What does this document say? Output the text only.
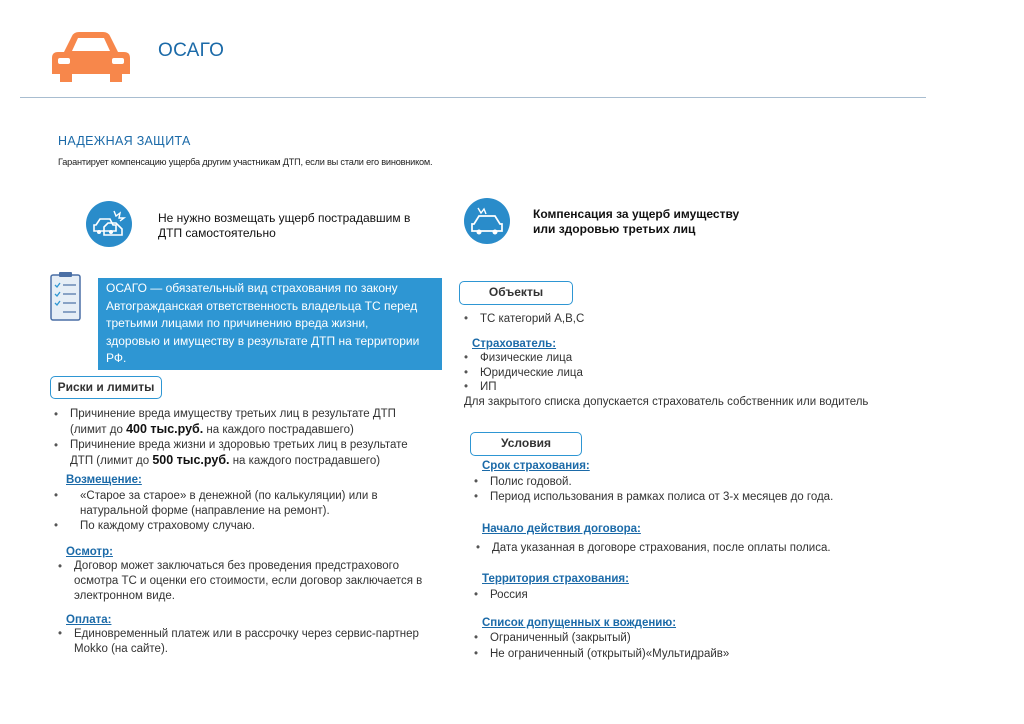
ОСАГО
НАДЕЖНАЯ ЗАЩИТА
Гарантирует компенсацию ущерба другим участникам ДТП, если вы стали его виновником.
Не нужно возмещать ущерб пострадавшим в
ДТП самостоятельно
Компенсация за ущерб имуществу
или здоровью третьих лиц
ОСАГО — обязательный вид страхования по закону
Автогражданская ответственность владельца ТС перед
третьими лицами по причинению вреда жизни,
здоровью и имуществу в результате ДТП на территории
РФ.
Риски и лимиты
• Причинение вреда имуществу третьих лиц в результате ДТП
(лимит до 400 тыс.руб. на каждого пострадавшего)
• Причинение вреда жизни и здоровью третьих лиц в результате
ДТП (лимит до 500 тыс.руб. на каждого пострадавшего)
Возмещение:
• «Старое за старое» в денежной (по калькуляции) или в
натуральной форме (направление на ремонт).
• По каждому страховому случаю.
Осмотр:
• Договор может заключаться без проведения предстрахового
осмотра ТС и оценки его стоимости, если договор заключается в
электронном виде.
Оплата:
• Единовременный платеж или в рассрочку через сервис-партнер
Mokko (на сайте).
Объекты
• ТС категорий А,В,С
Страхователь:
• Физические лица
• Юридические лица
• ИП
Для закрытого списка допускается страхователь собственник или водитель
Условия
Срок страхования:
• Полис годовой.
• Период использования в рамках полиса от 3-х месяцев до года.
Начало действия договора:
• Дата указанная в договоре страхования, после оплаты полиса.
Территория страхования:
• Россия
Список допущенных к вождению:
• Ограниченный (закрытый)
• Не ограниченный (открытый)«Мультидрайв»
